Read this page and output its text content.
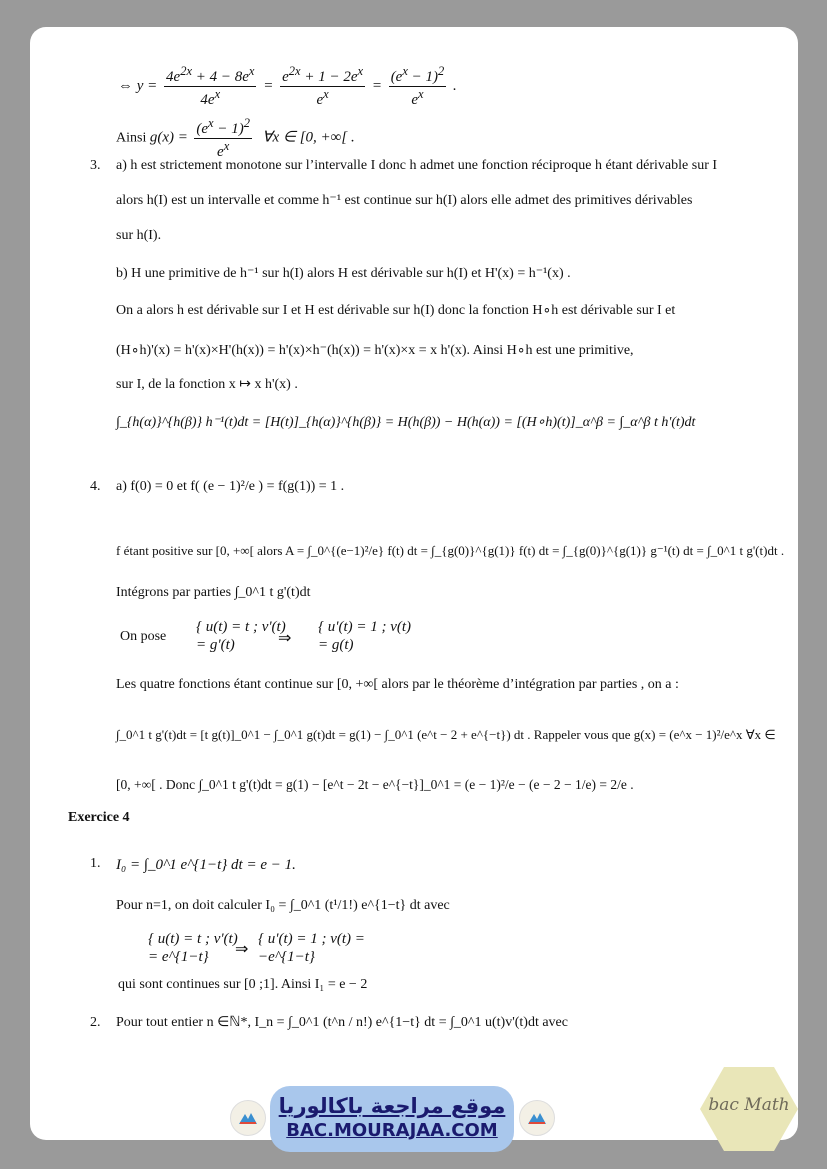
⇔ $y = \frac{4e^{2x} + 4 - 8e^x}{4e^x} = \frac{e^{2x} + 1 - 2e^x}{e^x} = \frac{(e^x - 1)^2}{e^x}$ .
Ainsi $g(x) = \frac{(e^x - 1)^2}{e^x}$ ∀x ∈ [0, +∞[ .
3. a) h est strictement monotone sur l’intervalle I donc h admet une fonction réciproque h étant dérivable sur I
alors h(I) est un intervalle et comme h⁻¹ est continue sur h(I) alors elle admet des primitives dérivables
sur h(I).
b) H une primitive de h⁻¹ sur h(I) alors H est dérivable sur h(I) et H'(x) = h⁻¹(x) .
On a alors h est dérivable sur I et H est dérivable sur h(I) donc la fonction H∘h est dérivable sur I et
(H∘h)'(x) = h'(x)×H'(h(x)) = h'(x)×h⁻(h(x)) = h'(x)×x = x h'(x). Ainsi H∘h est une primitive,
sur I, de la fonction x ↦ x h'(x) .
∫_{h(α)}^{h(β)} h⁻¹(t)dt = [H(t)]_{h(α)}^{h(β)} = H(h(β)) − H(h(α)) = [(H∘h)(t)]_α^β = ∫_α^β t h'(t)dt
4. a) f(0) = 0 et f( (e − 1)²/e ) = f(g(1)) = 1 .
f étant positive sur [0, +∞[ alors A = ∫_0^{(e−1)²/e} f(t) dt = ∫_{g(0)}^{g(1)} f(t) dt = ∫_{g(0)}^{g(1)} g⁻¹(t) dt = ∫_0^1 t g'(t)dt .
Intégrons par parties ∫_0^1 t g'(t)dt
On pose
{ u(t) = t ; v'(t) = g'(t)	⇒
{ u'(t) = 1 ; v(t) = g(t)
Les quatre fonctions étant continue sur [0, +∞[ alors par le théorème d’intégration par parties , on a :
∫_0^1 t g'(t)dt = [t g(t)]_0^1 − ∫_0^1 g(t)dt = g(1) − ∫_0^1 (e^t − 2 + e^{−t}) dt . Rappeler vous que g(x) = (e^x − 1)²/e^x ∀x ∈
[0, +∞[ . Donc ∫_0^1 t g'(t)dt = g(1) − [e^t − 2t − e^{−t}]_0^1 = (e − 1)²/e − (e − 2 − 1/e) = 2/e .
Exercice 4
1. I₀ = ∫_0^1 e^{1−t} dt = e − 1.
Pour n=1, on doit calculer I₀ = ∫_0^1 (t¹/1!) e^{1−t} dt avec
{ u(t) = t ; v'(t) = e^{1−t}	⇒
{ u'(t) = 1 ; v(t) = −e^{1−t}
qui sont continues sur [0 ;1]. Ainsi I₁ = e − 2
2. Pour tout entier n ∈ℕ*, I_n = ∫_0^1 (t^n / n!) e^{1−t} dt = ∫_0^1 u(t)v'(t)dt avec
موقع مراجعة باكالوريا
BAC.MOURAJAA.COM
bac Math
